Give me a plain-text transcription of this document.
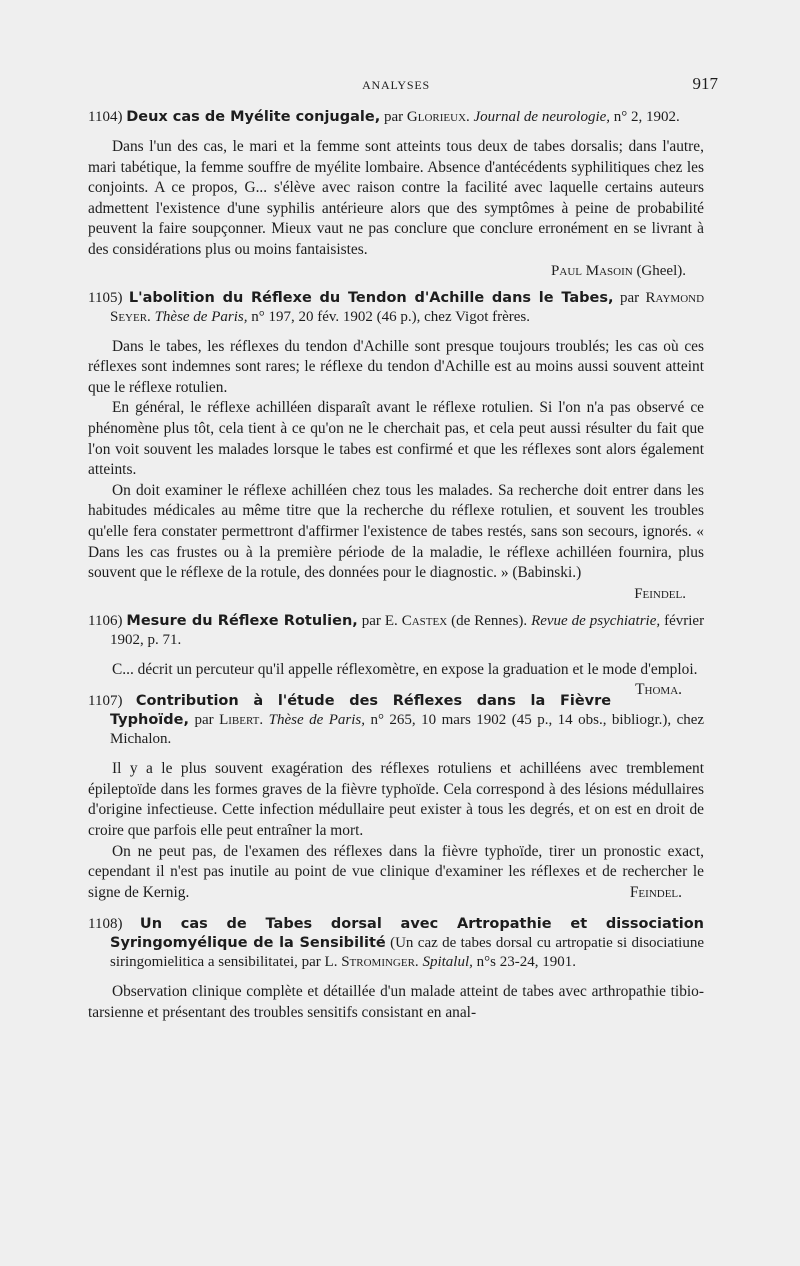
ANALYSES	917

1104) Deux cas de Myélite conjugale, par Glorieux. Journal de neurologie, n° 2, 1902.

Dans l'un des cas, le mari et la femme sont atteints tous deux de tabes dorsalis; dans l'autre, mari tabétique, la femme souffre de myélite lombaire. Absence d'antécédents syphilitiques chez les conjoints. A ce propos, G... s'élève avec raison contre la facilité avec laquelle certains auteurs admettent l'existence d'une syphilis antérieure alors que des symptômes à peine de probabilité peuvent la faire soupçonner. Mieux vaut ne pas conclure que conclure erronément en se livrant à des considérations plus ou moins fantaisistes.

Paul Masoin (Gheel).

1105) L'abolition du Réflexe du Tendon d'Achille dans le Tabes, par Raymond Seyer. Thèse de Paris, n° 197, 20 fév. 1902 (46 p.), chez Vigot frères.

Dans le tabes, les réflexes du tendon d'Achille sont presque toujours troublés; les cas où ces réflexes sont indemnes sont rares; le réflexe du tendon d'Achille est au moins aussi souvent atteint que le réflexe rotulien.

En général, le réflexe achilléen disparaît avant le réflexe rotulien. Si l'on n'a pas observé ce phénomène plus tôt, cela tient à ce qu'on ne le cherchait pas, et cela peut aussi résulter du fait que l'on voit souvent les malades lorsque le tabes est confirmé et que les réflexes sont alors également atteints.

On doit examiner le réflexe achilléen chez tous les malades. Sa recherche doit entrer dans les habitudes médicales au même titre que la recherche du réflexe rotulien, et souvent les troubles qu'elle fera constater permettront d'affirmer l'existence de tabes restés, sans son secours, ignorés. « Dans les cas frustes ou à la première période de la maladie, le réflexe achilléen fournira, plus souvent que le réflexe de la rotule, des données pour le diagnostic. » (Babinski.)

Feindel.

1106) Mesure du Réflexe Rotulien, par E. Castex (de Rennes). Revue de psychiatrie, février 1902, p. 71.

C... décrit un percuteur qu'il appelle réflexomètre, en expose la graduation et le mode d'emploi.
Thoma.

1107) Contribution à l'étude des Réflexes dans la Fièvre Typhoïde, par Libert. Thèse de Paris, n° 265, 10 mars 1902 (45 p., 14 obs., bibliogr.), chez Michalon.

Il y a le plus souvent exagération des réflexes rotuliens et achilléens avec tremblement épileptoïde dans les formes graves de la fièvre typhoïde. Cela correspond à des lésions médullaires d'origine infectieuse. Cette infection médullaire peut exister à tous les degrés, et on est en droit de croire que parfois elle peut entraîner la mort.

On ne peut pas, de l'examen des réflexes dans la fièvre typhoïde, tirer un pronostic exact, cependant il n'est pas inutile au point de vue clinique d'examiner les réflexes et de rechercher le signe de Kernig.	Feindel.

1108) Un cas de Tabes dorsal avec Artropathie et dissociation Syringomyélique de la Sensibilité (Un caz de tabes dorsal cu artropatie si disociatiune siringomielitica a sensibilitatei, par L. Strominger. Spitalul, n°s 23-24, 1901.

Observation clinique complète et détaillée d'un malade atteint de tabes avec arthropathie tibio-tarsienne et présentant des troubles sensitifs consistant en anal-
